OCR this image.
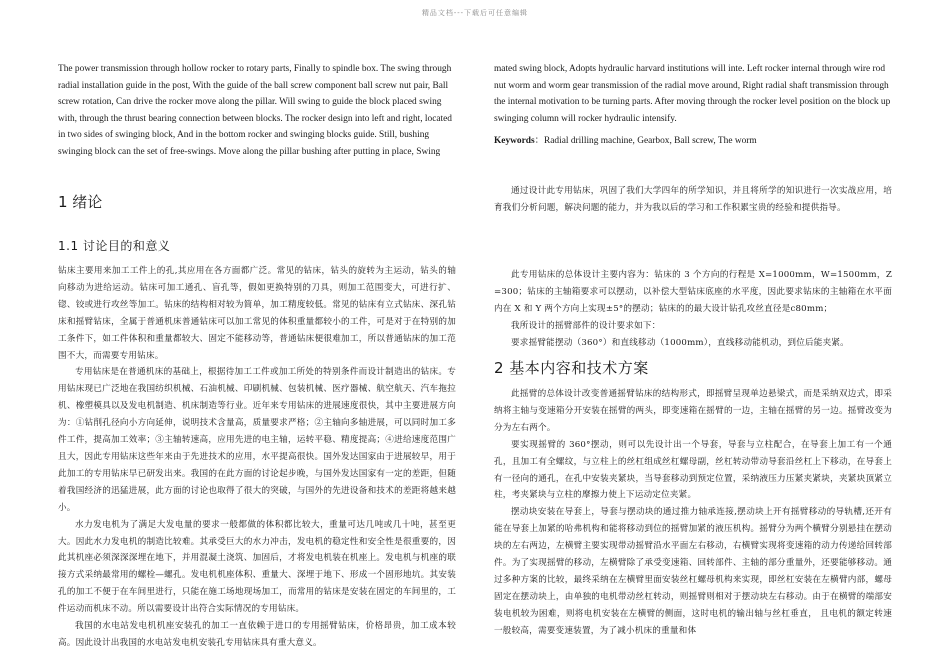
精品文档---下载后可任意编辑

The power transmission through hollow rocker to rotary parts, Finally to spindle box. The swing through
radial installation guide in the post, With the guide of the ball screw component ball screw nut pair, Ball
screw rotation, Can drive the rocker move along the pillar. Will swing to guide the block placed swing
with, through the thrust bearing connection between blocks. The rocker design into left and right, located
in two sides of swinging block, And in the bottom rocker and swinging blocks guide. Still, bushing
swinging block can the set of free-swings. Move along the pillar bushing after putting in place, Swing

mated swing block, Adopts hydraulic harvard institutions will inte. Left rocker internal through wire rod
nut worm and worm gear transmission of the radial move around, Right radial shaft transmission through
the internal motivation to be turning parts. After moving through the rocker level position on the block up
swinging column will rocker hydraulic intensify.

Keywords：Radial drilling machine, Gearbox, Ball screw, The worm

1 绪论
1.1 讨论目的和意义

钻床主要用来加工工件上的孔,其应用在各方面都广泛。常见的钻床，钻头的旋转为主运动，钻头的轴向移动为进给运动。钻床可加工通孔、盲孔等，假如更换特别的刀具，则加工范围变大，可进行扩、锪、铰或进行攻丝等加工。钻床的结构相对较为简单，加工精度较低。常见的钻床有立式钻床、深孔钻床和摇臂钻床，全属于普通机床普通钻床可以加工常见的体积重量都较小的工件，可是对于在特别的加工条件下，如工件体积和重量都较大、固定不能移动等，普通钻床便很难加工，所以普通钻床的加工范围不大，而需要专用钻床。

专用钻床是在普通机床的基础上，根据待加工工件或加工所处的特别条件而设计制造出的钻床。专用钻床现已广泛地在我国纺织机械、石油机械、印刷机械、包装机械、医疗器械、航空航天、汽车拖拉机、橡塑模具以及发电机制造、机床制造等行业。近年来专用钻床的进展速度很快，其中主要进展方向为：①钻削孔径向小方向延伸，说明技术含量高，质量要求严格；②主轴向多轴进展，可以同时加工多件工件，提高加工效率；③主轴转速高，应用先进的电主轴，运转平稳、精度提高；④进给速度范围广且大，因此专用钻床这些年来由于先进技术的应用，水平提高很快。国外发达国家由于进展较早，用于此加工的专用钻床早已研发出来。我国的在此方面的讨论起步晚，与国外发达国家有一定的差距，但随着我国经济的迅猛进展，此方面的讨论也取得了很大的突破，与国外的先进设备和技术的差距将越来越小。

水力发电机为了满足大发电量的要求一般都做的体积都比较大，重量可达几吨或几十吨，甚至更大。因此水力发电机的制造比较难。其承受巨大的水力冲击，发电机的稳定性和安全性是很重要的，因此其机座必须深深深埋在地下，并用混凝土浇筑、加固后，才将发电机装在机座上。发电机与机座的联接方式采纳最常用的螺栓—螺孔。发电机机座体积、重量大、深埋于地下、形成一个固形地坑。其安装孔的加工不便于在车间里进行，只能在施工场地现场加工，而常用的钻床是安装在固定的车间里的，工件运动而机床不动。所以需要设计出符合实际情况的专用钻床。

我国的水电站发电机机座安装孔的加工一直依赖于进口的专用摇臂钻床，价格昂贵，加工成本较高。因此设计出我国的水电站发电机安装孔专用钻床具有重大意义。

通过设计此专用钻床，巩固了我们大学四年的所学知识，并且将所学的知识进行一次实战应用，培育我们分析问题，解决问题的能力，并为我以后的学习和工作积累宝贵的经验和提供指导。

此专用钻床的总体设计主要内容为：钻床的 3 个方向的行程是 X=1000mm，W=1500mm，Z=300；钻床的主轴箱要求可以摆动，以补偿大型钻床底座的水平度，因此要求钻床的主轴箱在水平面内在 X 和 Y 两个方向上实现±5°的摆动；钻床的的最大设计钻孔攻丝直径是ⅽ80mm；

我所设计的摇臂部件的设计要求如下：

要求摇臂能摆动（360°）和直线移动（1000mm），直线移动能机动，到位后能夹紧。

2 基本内容和技术方案

此摇臂的总体设计改变普通摇臂钻床的结构形式，即摇臂呈现单边悬梁式，而是采纳双边式，即采纳将主轴与变速箱分开安装在摇臂的两头，即变速箱在摇臂的一边，主轴在摇臂的另一边。摇臂改变为分为左右两个。

要实现摇臂的 360°摆动，则可以先设计出一个导套，导套与立柱配合，在导套上加工有一个通孔，且加工有全螺纹，与立柱上的丝杠组成丝杠螺母副，丝杠转动带动导套沿丝杠上下移动，在导套上有一径向的通孔，在孔中安装夹紧块，当导套移动到预定位置，采纳液压力压紧夹紧块，夹紧块顶紧立柱，考夹紧块与立柱的摩擦力使上下运动定位夹紧。

摆动块安装在导套上，导套与摆动块的通过推力轴承连接,摆动块上开有摇臂移动的导轨槽,还开有能在导套上加紧的哈弗机构和能将移动到位的摇臂加紧的液压机构。摇臂分为两个横臂分别悬挂在摆动块的左右两边，左横臂主要实现带动摇臂沿水平面左右移动，右横臂实现将变速箱的动力传递给回转部件。为了实现摇臂的移动，左横臂除了承受变速箱、回转部件、主轴的部分重量外，还要能够移动。通过多种方案的比较，最终采纳在左横臂里面安装丝杠螺母机构来实现，即丝杠安装在左横臂内部，螺母固定在摆动块上，由单独的电机带动丝杠转动，则摇臂则相对于摆动块左右移动。由于在横臂的端部安装电机较为困难，则将电机安装在左横臂的侧面，这时电机的输出轴与丝杠垂直， 且电机的额定转速一般较高，需要变速装置，为了减小机床的重量和体
